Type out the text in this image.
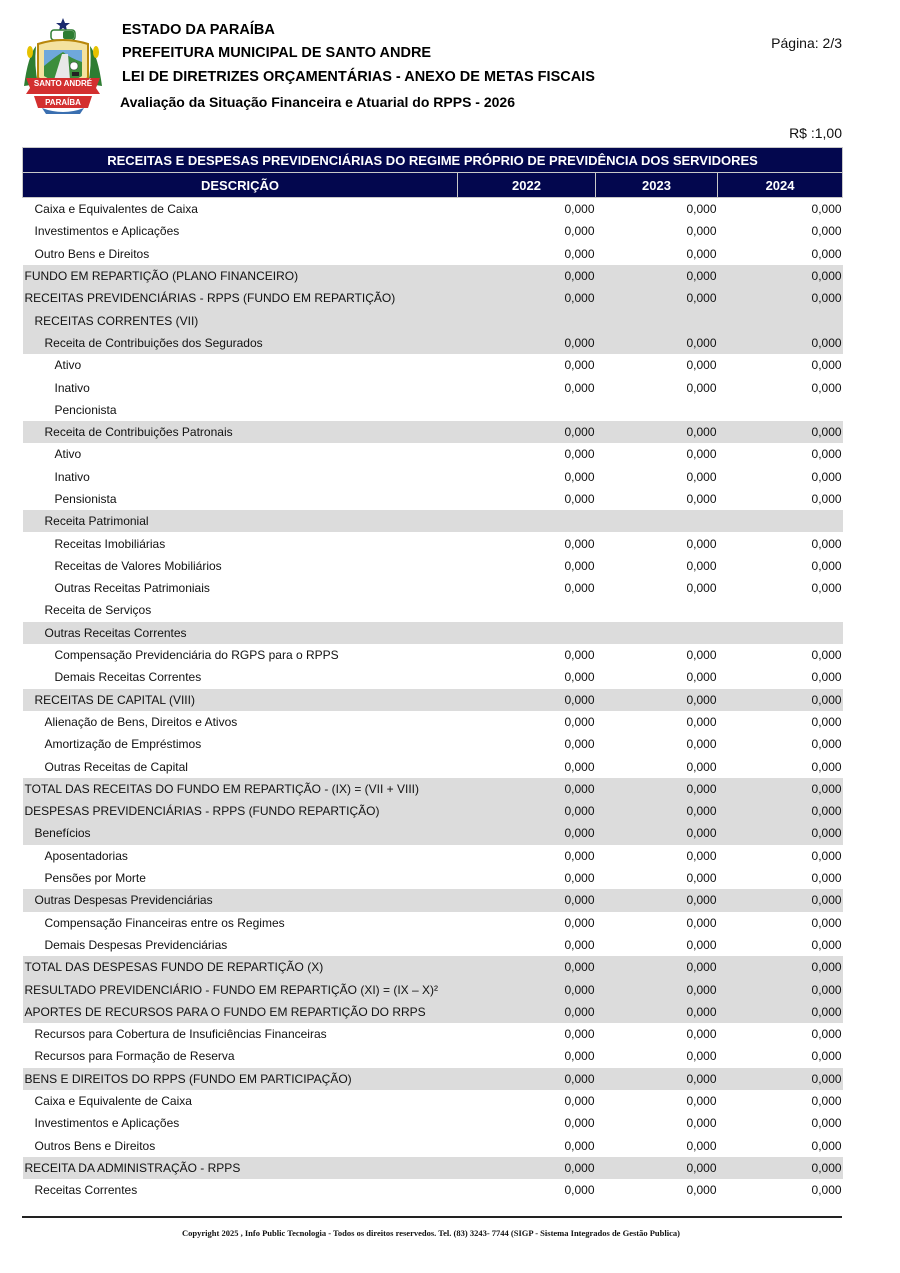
SANTO ANDRÉ
PARAÍBA
ESTADO DA PARAÍBA
PREFEITURA MUNICIPAL DE SANTO ANDRE
LEI DE DIRETRIZES ORÇAMENTÁRIAS - ANEXO DE METAS FISCAIS
Avaliação da Situação Financeira e Atuarial do RPPS - 2026
Página: 2/3
R$ :1,00
RECEITAS E DESPESAS PREVIDENCIÁRIAS DO REGIME PRÓPRIO DE PREVIDÊNCIA DOS SERVIDORES			
DESCRIÇÃO	2022	2023	2024
Caixa e Equivalentes de Caixa	0,000	0,000	0,000
Investimentos e Aplicações	0,000	0,000	0,000
Outro Bens e Direitos	0,000	0,000	0,000
FUNDO EM REPARTIÇÃO (PLANO FINANCEIRO)	0,000	0,000	0,000
RECEITAS PREVIDENCIÁRIAS - RPPS (FUNDO EM REPARTIÇÃO)	0,000	0,000	0,000
RECEITAS CORRENTES (VII)			
Receita de Contribuições dos Segurados	0,000	0,000	0,000
Ativo	0,000	0,000	0,000
Inativo	0,000	0,000	0,000
Pencionista			
Receita de Contribuições Patronais	0,000	0,000	0,000
Ativo	0,000	0,000	0,000
Inativo	0,000	0,000	0,000
Pensionista	0,000	0,000	0,000
Receita Patrimonial			
Receitas Imobiliárias	0,000	0,000	0,000
Receitas de Valores Mobiliários	0,000	0,000	0,000
Outras Receitas Patrimoniais	0,000	0,000	0,000
Receita de Serviços			
Outras Receitas Correntes			
Compensação Previdenciária do RGPS para o RPPS	0,000	0,000	0,000
Demais Receitas Correntes	0,000	0,000	0,000
RECEITAS DE CAPITAL (VIII)	0,000	0,000	0,000
Alienação de Bens, Direitos e Ativos	0,000	0,000	0,000
Amortização de Empréstimos	0,000	0,000	0,000
Outras Receitas de Capital	0,000	0,000	0,000
TOTAL DAS RECEITAS DO FUNDO EM REPARTIÇÃO - (IX) = (VII + VIII)	0,000	0,000	0,000
DESPESAS PREVIDENCIÁRIAS - RPPS (FUNDO REPARTIÇÃO)	0,000	0,000	0,000
Benefícios	0,000	0,000	0,000
Aposentadorias	0,000	0,000	0,000
Pensões por Morte	0,000	0,000	0,000
Outras Despesas Previdenciárias	0,000	0,000	0,000
Compensação Financeiras entre os Regimes	0,000	0,000	0,000
Demais Despesas Previdenciárias	0,000	0,000	0,000
TOTAL DAS DESPESAS FUNDO DE REPARTIÇÃO (X)	0,000	0,000	0,000
RESULTADO PREVIDENCIÁRIO - FUNDO EM REPARTIÇÃO (XI) = (IX – X)²	0,000	0,000	0,000
APORTES DE RECURSOS PARA O FUNDO EM REPARTIÇÃO DO RRPS	0,000	0,000	0,000
Recursos para Cobertura de Insuficiências Financeiras	0,000	0,000	0,000
Recursos para Formação de Reserva	0,000	0,000	0,000
BENS E DIREITOS DO RPPS (FUNDO EM PARTICIPAÇÃO)	0,000	0,000	0,000
Caixa e Equivalente de Caixa	0,000	0,000	0,000
Investimentos e Aplicações	0,000	0,000	0,000
Outros Bens e Direitos	0,000	0,000	0,000
RECEITA DA ADMINISTRAÇÃO - RPPS	0,000	0,000	0,000
Receitas Correntes	0,000	0,000	0,000
Copyright 2025 , Info Public Tecnologia - Todos os direitos reservedos. Tel. (83) 3243- 7744 (SIGP - Sistema Integrados de Gestão Publica)
